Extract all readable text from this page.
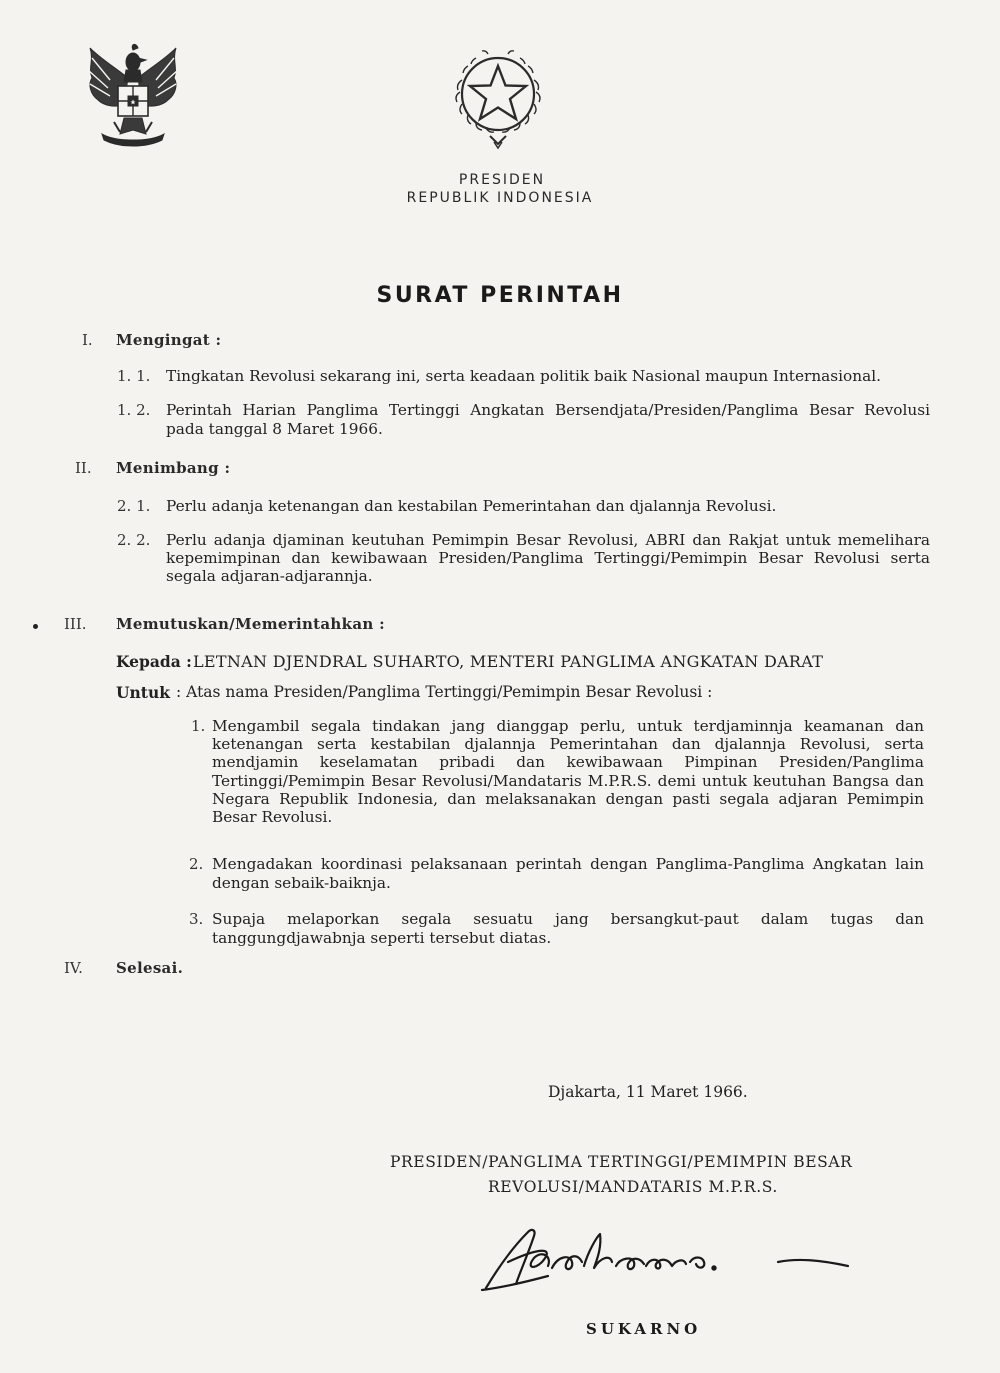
PRESIDEN
REPUBLIK INDONESIA
SURAT PERINTAH
I. Mengingat :
1. 1. Tingkatan Revolusi sekarang ini, serta keadaan politik baik Nasional maupun Internasional.
1. 2. Perintah Harian Panglima Tertinggi Angkatan Bersendjata/Presiden/Panglima Besar Revolusi pada tanggal 8 Maret 1966.
II. Menimbang :
2. 1. Perlu adanja ketenangan dan kestabilan Pemerintahan dan djalannja Revolusi.
2. 2. Perlu adanja djaminan keutuhan Pemimpin Besar Revolusi, ABRI dan Rakjat untuk memelihara kepemimpinan dan kewibawaan Presiden/Panglima Tertinggi/Pemimpin Besar Revolusi serta segala adjaran-adjarannja.
III. Memutuskan/Memerintahkan :
Kepada : LETNAN DJENDRAL SUHARTO, MENTERI PANGLIMA ANGKATAN DARAT
Untuk : Atas nama Presiden/Panglima Tertinggi/Pemimpin Besar Revolusi :
1. Mengambil segala tindakan jang dianggap perlu, untuk terdjaminnja keamanan dan ketenangan serta kestabilan djalannja Pemerintahan dan djalannja Revolusi, serta mendjamin keselamatan pribadi dan kewibawaan Pimpinan Presiden/Panglima Tertinggi/Pemimpin Besar Revolusi/Mandataris M.P.R.S. demi untuk keutuhan Bangsa dan Negara Republik Indonesia, dan melaksanakan dengan pasti segala adjaran Pemimpin Besar Revolusi.
2. Mengadakan koordinasi pelaksanaan perintah dengan Panglima-Panglima Angkatan lain dengan sebaik-baiknja.
3. Supaja melaporkan segala sesuatu jang bersangkut-paut dalam tugas dan tanggungdjawabnja seperti tersebut diatas.
IV. Selesai.
Djakarta, 11 Maret 1966.
PRESIDEN/PANGLIMA TERTINGGI/PEMIMPIN BESAR
REVOLUSI/MANDATARIS M.P.R.S.
SUKARNO
